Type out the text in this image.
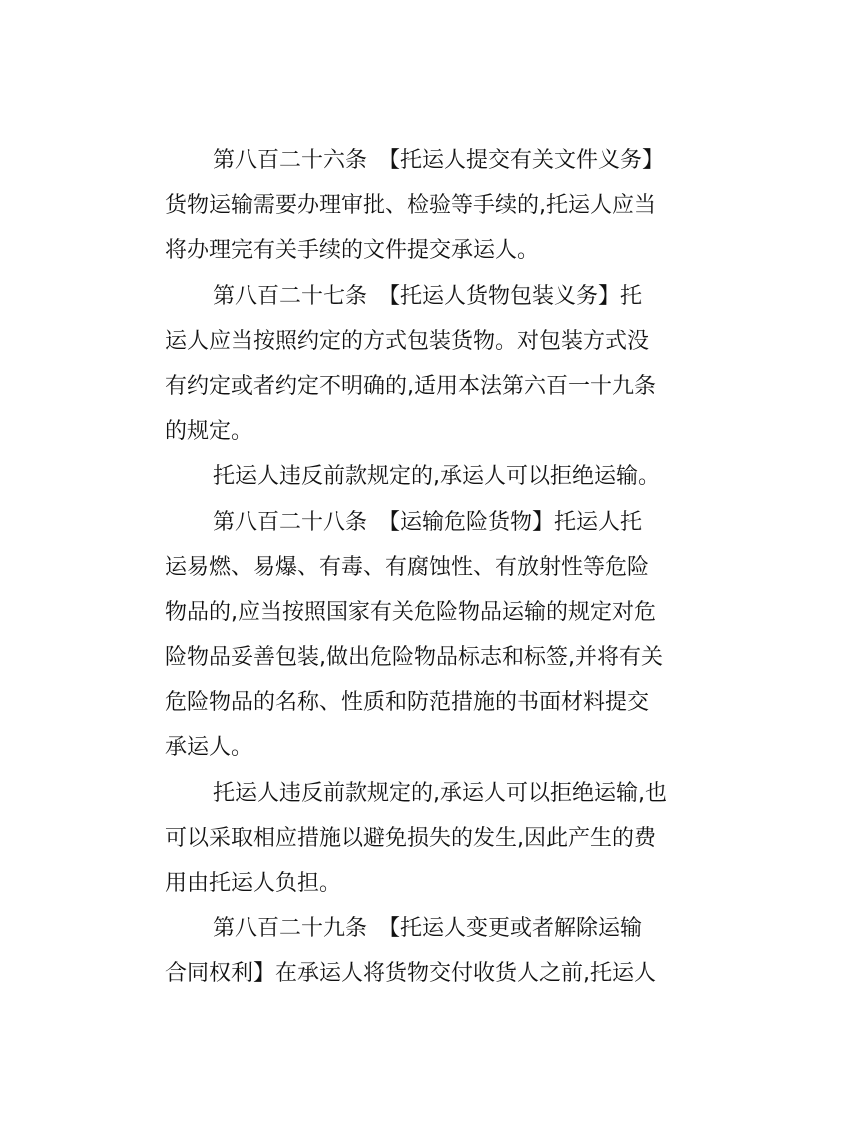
第八百二十六条　【托运人提交有关文件义务】

货物运输需要办理审批、检验等手续的,托运人应当

将办理完有关手续的文件提交承运人。

第八百二十七条　【托运人货物包装义务】托

运人应当按照约定的方式包装货物。对包装方式没

有约定或者约定不明确的,适用本法第六百一十九条

的规定。

托运人违反前款规定的,承运人可以拒绝运输。

第八百二十八条　【运输危险货物】托运人托

运易燃、易爆、有毒、有腐蚀性、有放射性等危险

物品的,应当按照国家有关危险物品运输的规定对危

险物品妥善包装,做出危险物品标志和标签,并将有关

危险物品的名称、性质和防范措施的书面材料提交

承运人。

托运人违反前款规定的,承运人可以拒绝运输,也

可以采取相应措施以避免损失的发生,因此产生的费

用由托运人负担。

第八百二十九条　【托运人变更或者解除运输

合同权利】在承运人将货物交付收货人之前,托运人
